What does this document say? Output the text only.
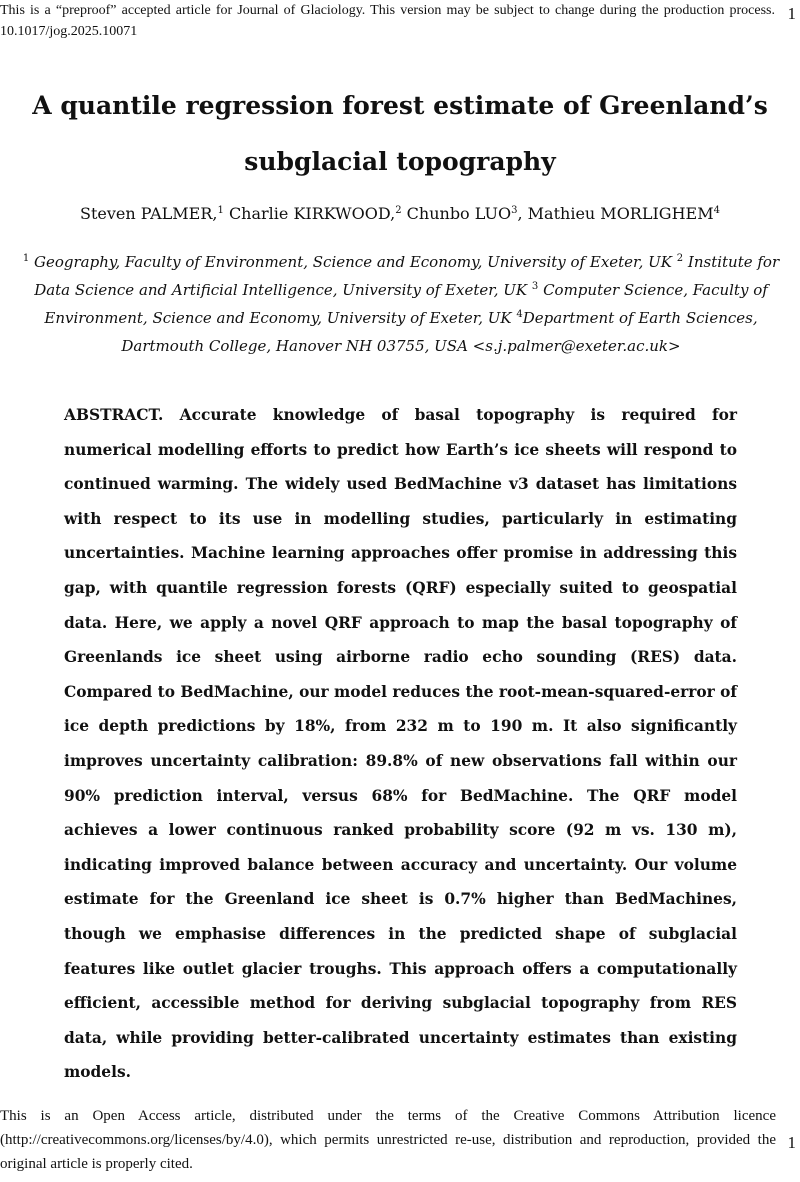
This is a “preproof” accepted article for Journal of Glaciology. This version may be subject to change during the production process. 10.1017/jog.2025.10071
1
A quantile regression forest estimate of Greenland’s subglacial topography
Steven PALMER,$^1$ Charlie KIRKWOOD,$^2$ Chunbo LUO$^3$, Mathieu MORLIGHEM$^4$
$^1$ Geography, Faculty of Environment, Science and Economy, University of Exeter, UK $^2$ Institute for Data Science and Artificial Intelligence, University of Exeter, UK $^3$ Computer Science, Faculty of Environment, Science and Economy, University of Exeter, UK $^4$Department of Earth Sciences, Dartmouth College, Hanover NH 03755, USA <s.j.palmer@exeter.ac.uk>

ABSTRACT. Accurate knowledge of basal topography is required for numerical modelling efforts to predict how Earth’s ice sheets will respond to continued warming. The widely used BedMachine v3 dataset has limitations with respect to its use in modelling studies, particularly in estimating uncertainties. Machine learning approaches offer promise in addressing this gap, with quantile regression forests (QRF) especially suited to geospatial data. Here, we apply a novel QRF approach to map the basal topography of Greenlands ice sheet using airborne radio echo sounding (RES) data. Compared to BedMachine, our model reduces the root-mean-squared-error of ice depth predictions by 18%, from 232 m to 190 m. It also significantly improves uncertainty calibration: 89.8% of new observations fall within our 90% prediction interval, versus 68% for BedMachine. The QRF model achieves a lower continuous ranked probability score (92 m vs. 130 m), indicating improved balance between accuracy and uncertainty. Our volume estimate for the Greenland ice sheet is 0.7% higher than BedMachines, though we emphasise differences in the predicted shape of subglacial features like outlet glacier troughs. This approach offers a computationally efficient, accessible method for deriving subglacial topography from RES data, while providing better-calibrated uncertainty estimates than existing models.

This is an Open Access article, distributed under the terms of the Creative Commons Attribution licence (http://creativecommons.org/licenses/by/4.0), which permits unrestricted re-use, distribution and reproduction, provided the original article is properly cited.
1
